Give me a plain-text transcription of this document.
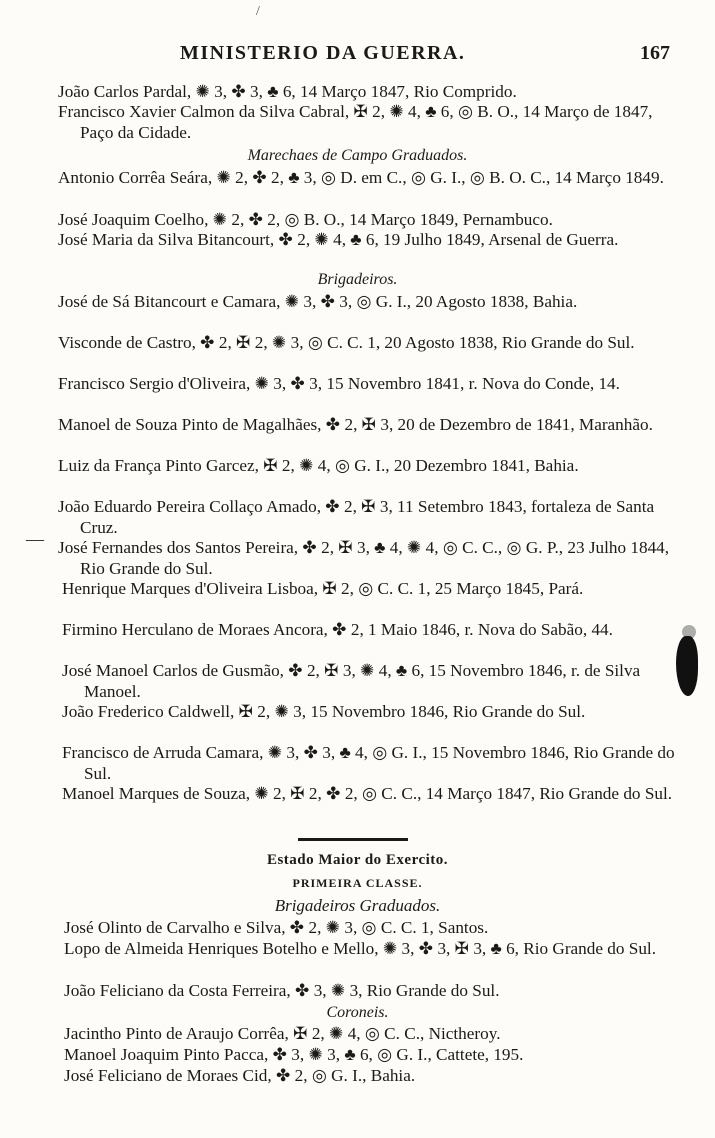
/
MINISTERIO DA GUERRA.	167
—
João Carlos Pardal, ✺ 3, ✤ 3, ♣ 6, 14 Março 1847, Rio Comprido.
Francisco Xavier Calmon da Silva Cabral, ✠ 2, ✺ 4, ♣ 6, ◎ B. O., 14 Março de 1847, Paço da Cidade.
Marechaes de Campo Graduados.
Antonio Corrêa Seára, ✺ 2, ✤ 2, ♣ 3, ◎ D. em C., ◎ G. I., ◎ B. O. C., 14 Março 1849.
José Joaquim Coelho, ✺ 2, ✤ 2, ◎ B. O., 14 Março 1849, Pernambuco.
José Maria da Silva Bitancourt, ✤ 2, ✺ 4, ♣ 6, 19 Julho 1849, Arsenal de Guerra.
Brigadeiros.
José de Sá Bitancourt e Camara, ✺ 3, ✤ 3, ◎ G. I., 20 Agosto 1838, Bahia.
Visconde de Castro, ✤ 2, ✠ 2, ✺ 3, ◎ C. C. 1, 20 Agosto 1838, Rio Grande do Sul.
Francisco Sergio d'Oliveira, ✺ 3, ✤ 3, 15 Novembro 1841, r. Nova do Conde, 14.
Manoel de Souza Pinto de Magalhães, ✤ 2, ✠ 3, 20 de Dezembro de 1841, Maranhão.
Luiz da França Pinto Garcez, ✠ 2, ✺ 4, ◎ G. I., 20 Dezembro 1841, Bahia.
João Eduardo Pereira Collaço Amado, ✤ 2, ✠ 3, 11 Setembro 1843, fortaleza de Santa Cruz.
José Fernandes dos Santos Pereira, ✤ 2, ✠ 3, ♣ 4, ✺ 4, ◎ C. C., ◎ G. P., 23 Julho 1844, Rio Grande do Sul.
Henrique Marques d'Oliveira Lisboa, ✠ 2, ◎ C. C. 1, 25 Março 1845, Pará.
Firmino Herculano de Moraes Ancora, ✤ 2, 1 Maio 1846, r. Nova do Sabão, 44.
José Manoel Carlos de Gusmão, ✤ 2, ✠ 3, ✺ 4, ♣ 6, 15 Novembro 1846, r. de Silva Manoel.
João Frederico Caldwell, ✠ 2, ✺ 3, 15 Novembro 1846, Rio Grande do Sul.
Francisco de Arruda Camara, ✺ 3, ✤ 3, ♣ 4, ◎ G. I., 15 Novembro 1846, Rio Grande do Sul.
Manoel Marques de Souza, ✺ 2, ✠ 2, ✤ 2, ◎ C. C., 14 Março 1847, Rio Grande do Sul.
Estado Maior do Exercito.
PRIMEIRA CLASSE.
Brigadeiros Graduados.
José Olinto de Carvalho e Silva, ✤ 2, ✺ 3, ◎ C. C. 1, Santos.
Lopo de Almeida Henriques Botelho e Mello, ✺ 3, ✤ 3, ✠ 3, ♣ 6, Rio Grande do Sul.
João Feliciano da Costa Ferreira, ✤ 3, ✺ 3, Rio Grande do Sul.
Coroneis.
Jacintho Pinto de Araujo Corrêa, ✠ 2, ✺ 4, ◎ C. C., Nictheroy.
Manoel Joaquim Pinto Pacca, ✤ 3, ✺ 3, ♣ 6, ◎ G. I., Cattete, 195.
José Feliciano de Moraes Cid, ✤ 2, ◎ G. I., Bahia.
